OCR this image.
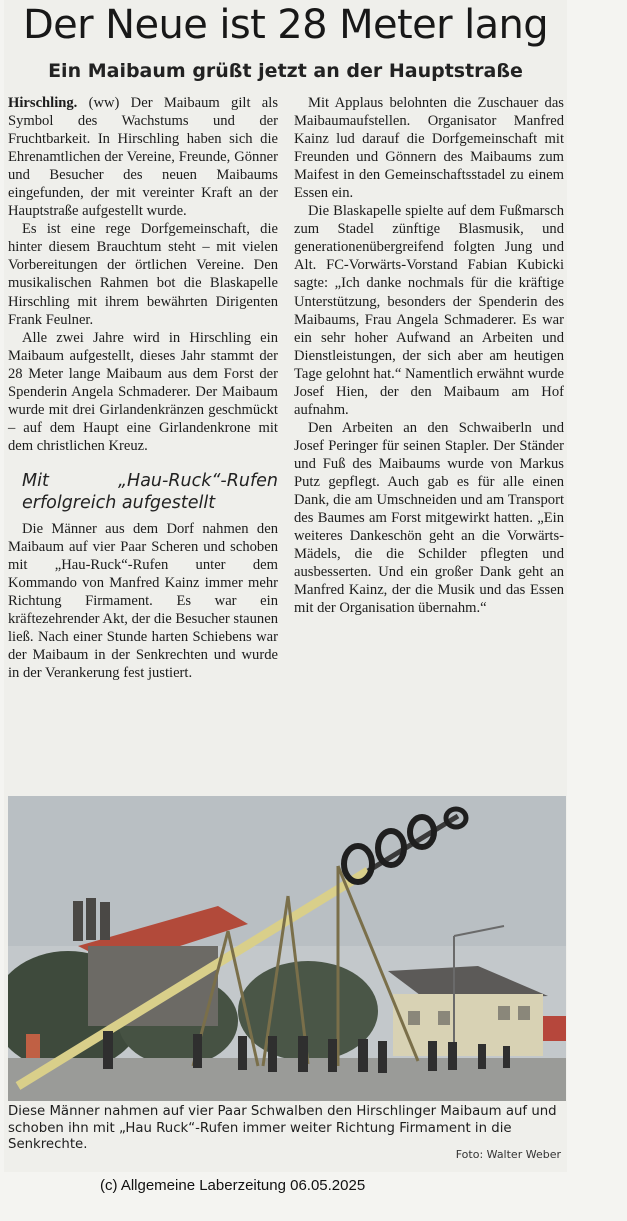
Der Neue ist 28 Meter lang
Ein Maibaum grüßt jetzt an der Hauptstraße

Hirschling. (ww) Der Maibaum gilt als Symbol des Wachstums und der Fruchtbarkeit. In Hirschling haben sich die Ehrenamtlichen der Vereine, Freunde, Gönner und Besucher des neuen Maibaums eingefunden, der mit vereinter Kraft an der Hauptstraße aufgestellt wurde.

Es ist eine rege Dorfgemeinschaft, die hinter diesem Brauchtum steht – mit vielen Vorbereitungen der örtlichen Vereine. Den musikalischen Rahmen bot die Blaskapelle Hirschling mit ihrem bewährten Dirigenten Frank Feulner.

Alle zwei Jahre wird in Hirschling ein Maibaum aufgestellt, dieses Jahr stammt der 28 Meter lange Maibaum aus dem Forst der Spenderin Angela Schmaderer. Der Maibaum wurde mit drei Girlandenkränzen geschmückt – auf dem Haupt eine Girlandenkrone mit dem christlichen Kreuz.

Mit „Hau-Ruck“-Rufen erfolgreich aufgestellt

Die Männer aus dem Dorf nahmen den Maibaum auf vier Paar Scheren und schoben mit „Hau-Ruck“-Rufen unter dem Kommando von Manfred Kainz immer mehr Richtung Firmament. Es war ein kräftezehrender Akt, der die Besucher staunen ließ. Nach einer Stunde harten Schiebens war der Maibaum in der Senkrechten und wurde in der Verankerung fest justiert.

Mit Applaus belohnten die Zuschauer das Maibaumaufstellen. Organisator Manfred Kainz lud darauf die Dorfgemeinschaft mit Freunden und Gönnern des Maibaums zum Maifest in den Gemeinschaftsstadel zu einem Essen ein.

Die Blaskapelle spielte auf dem Fußmarsch zum Stadel zünftige Blasmusik, und generationenübergreifend folgten Jung und Alt. FC-Vorwärts-Vorstand Fabian Kubicki sagte: „Ich danke nochmals für die kräftige Unterstützung, besonders der Spenderin des Maibaums, Frau Angela Schmaderer. Es war ein sehr hoher Aufwand an Arbeiten und Dienstleistungen, der sich aber am heutigen Tage gelohnt hat.“ Namentlich erwähnt wurde Josef Hien, der den Maibaum am Hof aufnahm.

Den Arbeiten an den Schwaiberln und Josef Peringer für seinen Stapler. Der Ständer und Fuß des Maibaums wurde von Markus Putz gepflegt. Auch gab es für alle einen Dank, die am Umschneiden und am Transport des Baumes am Forst mitgewirkt hatten. „Ein weiteres Dankeschön geht an die Vorwärts-Mädels, die die Schilder pflegten und ausbesserten. Und ein großer Dank geht an Manfred Kainz, der die Musik und das Essen mit der Organisation übernahm.“

Diese Männer nahmen auf vier Paar Schwalben den Hirschlinger Maibaum auf und schoben ihn mit „Hau Ruck“-Rufen immer weiter Richtung Firmament in die Senkrechte.
Foto: Walter Weber
(c) Allgemeine Laberzeitung 06.05.2025
